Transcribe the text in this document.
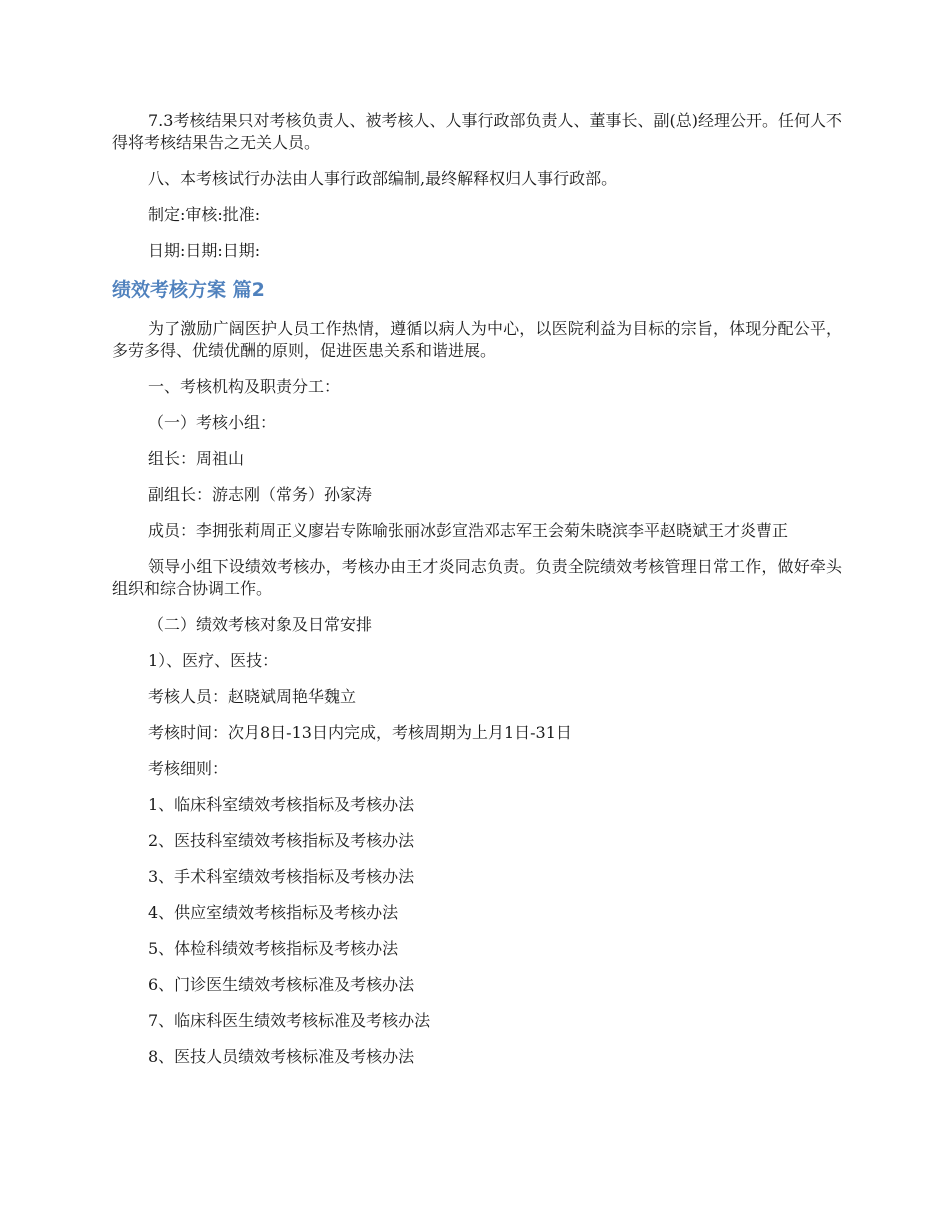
7.3考核结果只对考核负责人、被考核人、人事行政部负责人、董事长、副(总)经理公开。任何人不得将考核结果告之无关人员。

八、本考核试行办法由人事行政部编制,最终解释权归人事行政部。

制定:审核:批准:

日期:日期:日期:

绩效考核方案 篇2

为了激励广阔医护人员工作热情，遵循以病人为中心，以医院利益为目标的宗旨，体现分配公平，多劳多得、优绩优酬的原则，促进医患关系和谐进展。

一、考核机构及职责分工：

（一）考核小组：

组长：周祖山

副组长：游志刚（常务）孙家涛

成员：李拥张莉周正义廖岩专陈喻张丽冰彭宣浩邓志军王会菊朱晓滨李平赵晓斌王才炎曹正

领导小组下设绩效考核办，考核办由王才炎同志负责。负责全院绩效考核管理日常工作，做好牵头组织和综合协调工作。

（二）绩效考核对象及日常安排

1）、医疗、医技：

考核人员：赵晓斌周艳华魏立

考核时间：次月8日-13日内完成，考核周期为上月1日-31日

考核细则：

1、临床科室绩效考核指标及考核办法

2、医技科室绩效考核指标及考核办法

3、手术科室绩效考核指标及考核办法

4、供应室绩效考核指标及考核办法

5、体检科绩效考核指标及考核办法

6、门诊医生绩效考核标准及考核办法

7、临床科医生绩效考核标准及考核办法

8、医技人员绩效考核标准及考核办法
